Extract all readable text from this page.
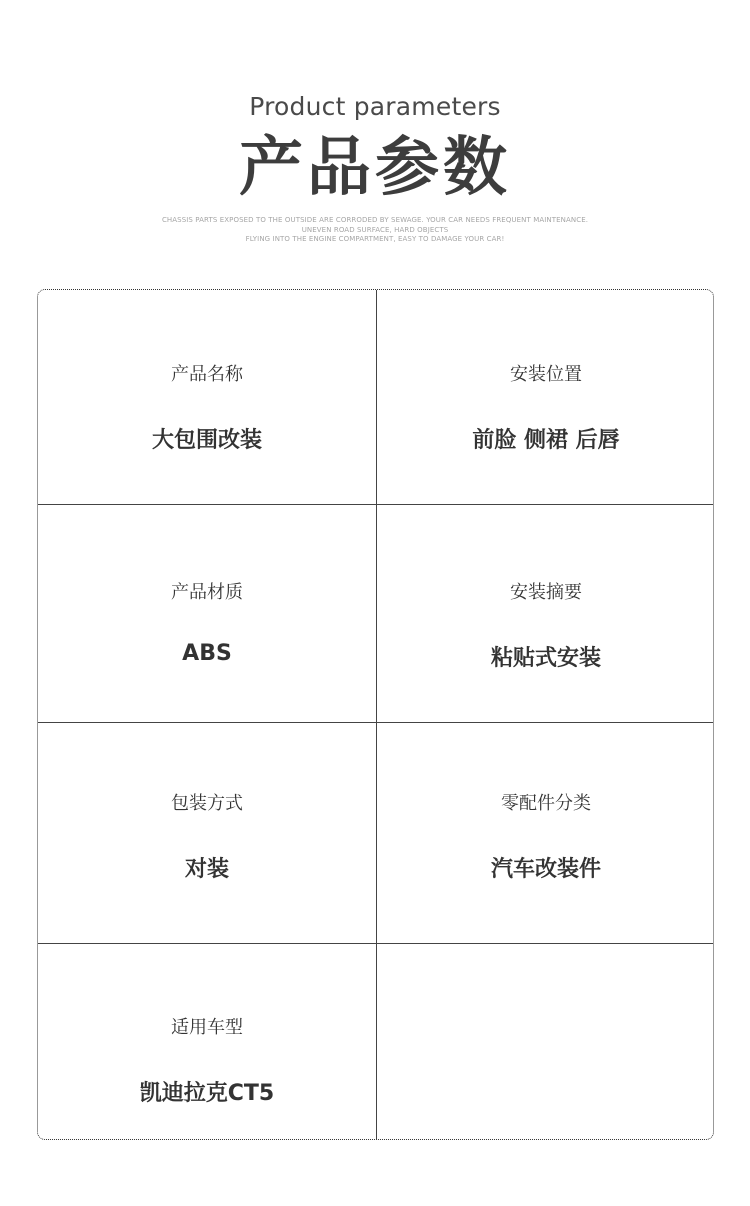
Product parameters
产品参数
CHASSIS PARTS EXPOSED TO THE OUTSIDE ARE CORRODED BY SEWAGE. YOUR CAR NEEDS FREQUENT MAINTENANCE.
UNEVEN ROAD SURFACE, HARD OBJECTS
FLYING INTO THE ENGINE COMPARTMENT, EASY TO DAMAGE YOUR CAR!
产品名称
大包围改装
安装位置
前脸 侧裙 后唇
产品材质
ABS
安装摘要
粘贴式安装
包装方式
对装
零配件分类
汽车改装件
适用车型
凯迪拉克CT5
